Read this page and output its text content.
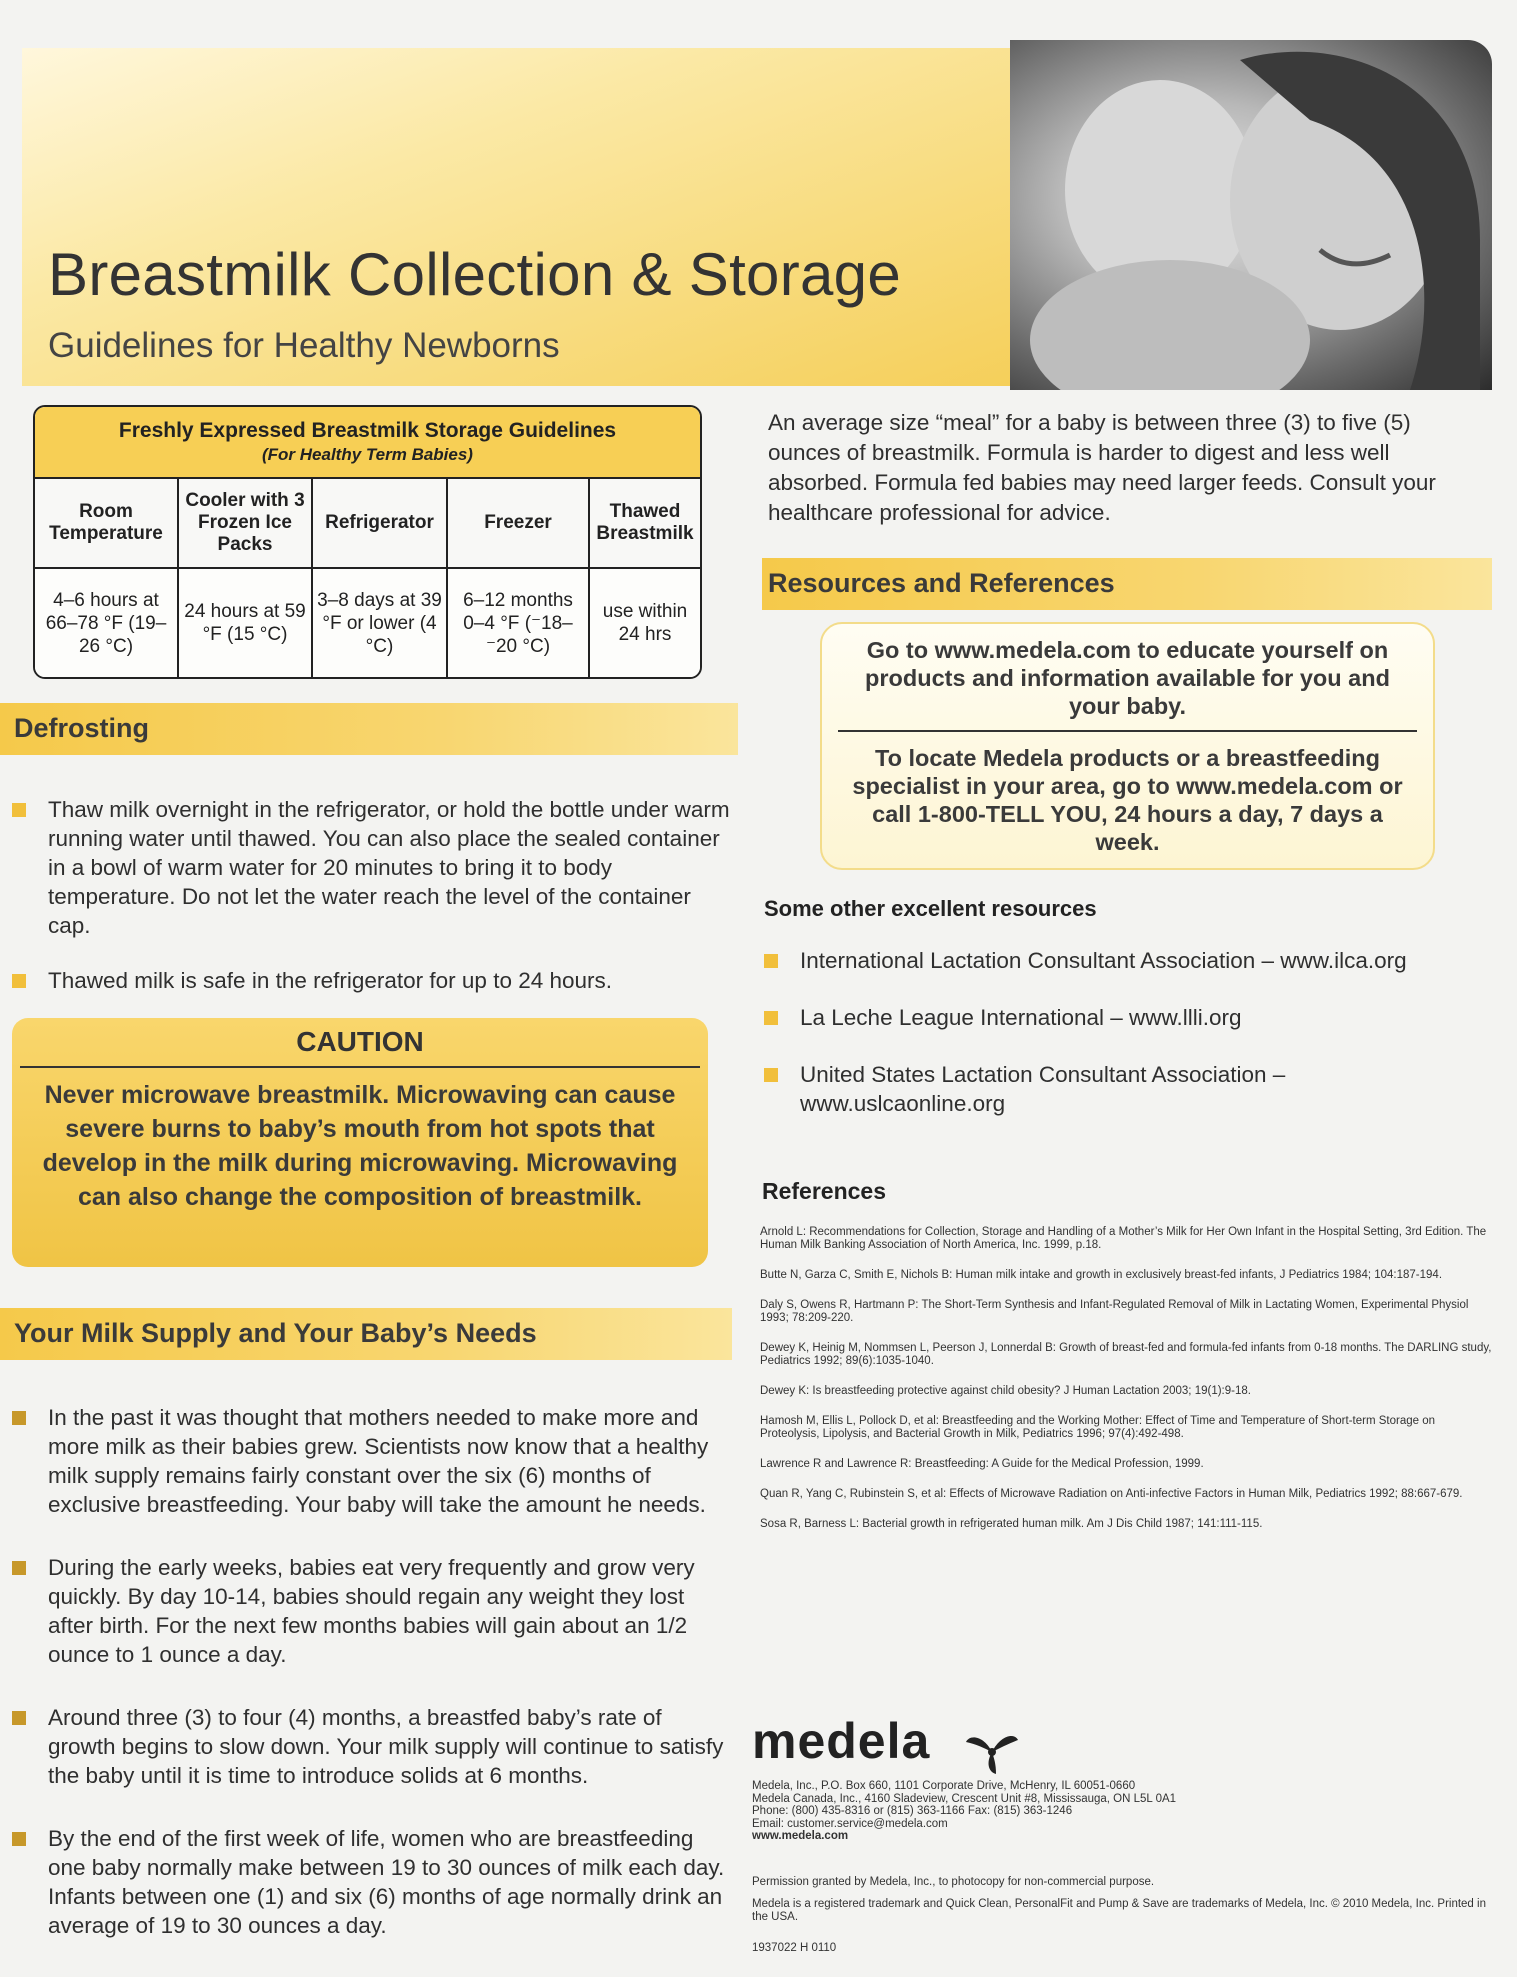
Breastmilk Collection & Storage
Guidelines for Healthy Newborns
Freshly Expressed Breastmilk Storage Guidelines
(For Healthy Term Babies)
Room Temperature
Cooler with 3 Frozen Ice Packs
Refrigerator	Freezer
Thawed Breastmilk
4–6 hours at 66–78 °F (19–26 °C)
24 hours at 59 °F (15 °C)
3–8 days at 39 °F or lower (4 °C)
6–12 months 0–4 °F (⁻18–⁻20 °C)
use within 24 hrs
Defrosting
Thaw milk overnight in the refrigerator, or hold the bottle under warm running water until thawed. You can also place the sealed container in a bowl of warm water for 20 minutes to bring it to body temperature. Do not let the water reach the level of the container cap.
Thawed milk is safe in the refrigerator for up to 24 hours.
CAUTION
Never microwave breastmilk. Microwaving can cause severe burns to baby’s mouth from hot spots that develop in the milk during microwaving. Microwaving can also change the composition of breastmilk.
Your Milk Supply and Your Baby’s Needs
In the past it was thought that mothers needed to make more and more milk as their babies grew. Scientists now know that a healthy milk supply remains fairly constant over the six (6) months of exclusive breastfeeding. Your baby will take the amount he needs.
During the early weeks, babies eat very frequently and grow very quickly. By day 10-14, babies should regain any weight they lost after birth. For the next few months babies will gain about an 1/2 ounce to 1 ounce a day.
Around three (3) to four (4) months, a breastfed baby’s rate of growth begins to slow down. Your milk supply will continue to satisfy the baby until it is time to introduce solids at 6 months.
By the end of the first week of life, women who are breastfeeding one baby normally make between 19 to 30 ounces of milk each day. Infants between one (1) and six (6) months of age normally drink an average of 19 to 30 ounces a day.
An average size “meal” for a baby is between three (3) to five (5) ounces of breastmilk. Formula is harder to digest and less well absorbed. Formula fed babies may need larger feeds. Consult your healthcare professional for advice.
Resources and References
Go to www.medela.com to educate yourself on products and information available for you and your baby.
To locate Medela products or a breastfeeding specialist in your area, go to www.medela.com or call 1-800-TELL YOU, 24 hours a day, 7 days a week.
Some other excellent resources
International Lactation Consultant Association – www.ilca.org
La Leche League International – www.llli.org
United States Lactation Consultant Association – www.uslcaonline.org
References
Arnold L: Recommendations for Collection, Storage and Handling of a Mother’s Milk for Her Own Infant in the Hospital Setting, 3rd Edition. The Human Milk Banking Association of North America, Inc. 1999, p.18.
Butte N, Garza C, Smith E, Nichols B: Human milk intake and growth in exclusively breast-fed infants, J Pediatrics 1984; 104:187-194.
Daly S, Owens R, Hartmann P: The Short-Term Synthesis and Infant-Regulated Removal of Milk in Lactating Women, Experimental Physiol 1993; 78:209-220.
Dewey K, Heinig M, Nommsen L, Peerson J, Lonnerdal B: Growth of breast-fed and formula-fed infants from 0-18 months. The DARLING study, Pediatrics 1992; 89(6):1035-1040.
Dewey K: Is breastfeeding protective against child obesity? J Human Lactation 2003; 19(1):9-18.
Hamosh M, Ellis L, Pollock D, et al: Breastfeeding and the Working Mother: Effect of Time and Temperature of Short-term Storage on Proteolysis, Lipolysis, and Bacterial Growth in Milk, Pediatrics 1996; 97(4):492-498.
Lawrence R and Lawrence R: Breastfeeding: A Guide for the Medical Profession, 1999.
Quan R, Yang C, Rubinstein S, et al: Effects of Microwave Radiation on Anti-infective Factors in Human Milk, Pediatrics 1992; 88:667-679.
Sosa R, Barness L: Bacterial growth in refrigerated human milk. Am J Dis Child 1987; 141:111-115.
medela
Medela, Inc., P.O. Box 660, 1101 Corporate Drive, McHenry, IL 60051-0660
Medela Canada, Inc., 4160 Sladeview, Crescent Unit #8, Mississauga, ON L5L 0A1
Phone: (800) 435-8316 or (815) 363-1166 Fax: (815) 363-1246
Email: customer.service@medela.com
www.medela.com
Permission granted by Medela, Inc., to photocopy for non-commercial purpose.
Medela is a registered trademark and Quick Clean, PersonalFit and Pump & Save are trademarks of Medela, Inc. © 2010 Medela, Inc. Printed in the USA.
1937022 H 0110
